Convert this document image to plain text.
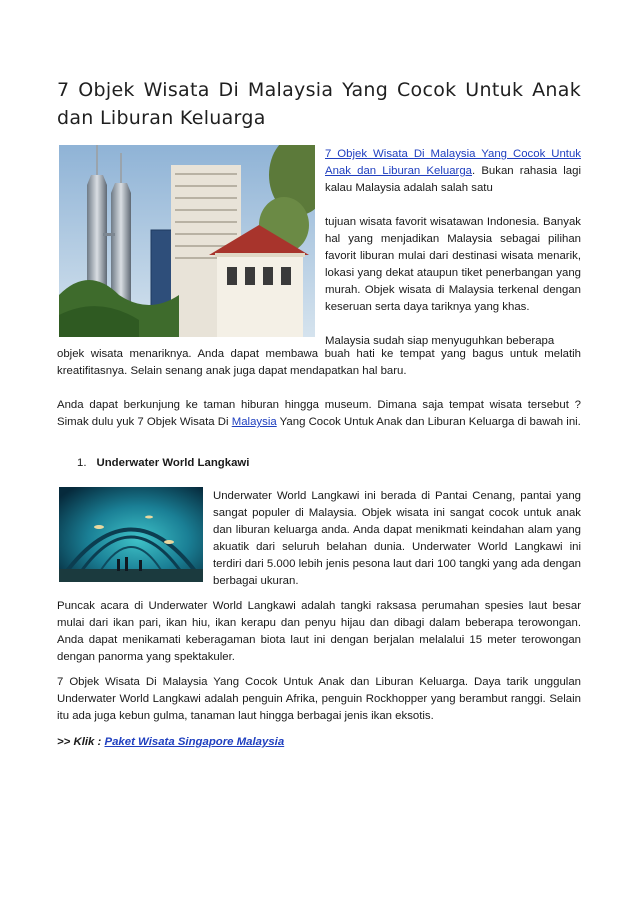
7 Objek Wisata Di Malaysia Yang Cocok Untuk Anak dan Liburan Keluarga

7 Objek Wisata Di Malaysia Yang Cocok Untuk Anak dan Liburan Keluarga. Bukan rahasia lagi kalau Malaysia adalah salah satu

tujuan wisata favorit wisatawan Indonesia. Banyak hal yang menjadikan Malaysia sebagai pilihan favorit liburan mulai dari destinasi wisata menarik, lokasi yang dekat ataupun tiket penerbangan yang murah. Objek wisata di Malaysia terkenal dengan keseruan serta daya tariknya yang khas.

Malaysia sudah siap menyuguhkan beberapa

objek wisata menariknya. Anda dapat membawa buah hati ke tempat yang bagus untuk melatih kreatifitasnya. Selain senang anak juga dapat mendapatkan hal baru.

Anda dapat berkunjung ke taman hiburan hingga museum. Dimana saja tempat wisata tersebut ? Simak dulu yuk 7 Objek Wisata Di Malaysia Yang Cocok Untuk Anak dan Liburan Keluarga di bawah ini.

1. Underwater World Langkawi

Underwater World Langkawi ini berada di Pantai Cenang, pantai yang sangat populer di Malaysia. Objek wisata ini sangat cocok untuk anak dan liburan keluarga anda. Anda dapat menikmati keindahan alam yang akuatik dari seluruh belahan dunia. Underwater World Langkawi ini terdiri dari 5.000 lebih jenis pesona laut dari 100 tangki yang ada dengan berbagai ukuran.

Puncak acara di Underwater World Langkawi adalah tangki raksasa perumahan spesies laut besar mulai dari ikan pari, ikan hiu, ikan kerapu dan penyu hijau dan dibagi dalam beberapa terowongan. Anda dapat menikamati keberagaman biota laut ini dengan berjalan melalalui 15 meter terowongan dengan panorma yang spektakuler.

7 Objek Wisata Di Malaysia Yang Cocok Untuk Anak dan Liburan Keluarga. Daya tarik unggulan Underwater World Langkawi adalah penguin Afrika, penguin Rockhopper yang berambut ranggi. Selain itu ada juga kebun gulma, tanaman laut hingga berbagai jenis ikan eksotis.

>> Klik : Paket Wisata Singapore Malaysia
